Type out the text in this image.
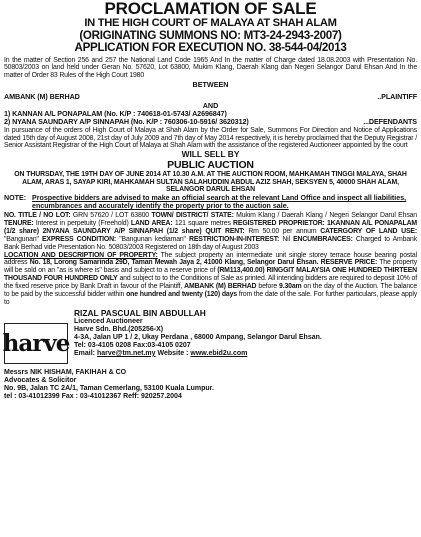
PROCLAMATION OF SALE
IN THE HIGH COURT OF MALAYA AT SHAH ALAM
(ORIGINATING SUMMONS NO: MT3-24-2943-2007)
APPLICATION FOR EXECUTION NO. 38-544-04/2013

In the matter of Section 256 and 257 the National Land Code 1965 And In the matter of Charge dated 18.08.2003 with Presentation No. 50803/2003 on land held under Geran No. 57620, Lot 63800, Mukim Klang, Daerah Klang dan Negeri Selangor Darul Ehsan And In the matter of Order 83 Rules of the High Court 1980

BETWEEN
AMBANK (M) BERHAD	..PLAINTIFF
AND
1) KANNAN A/L PONAPALAM (No. K/P : 740618-01-5743/ A2696847)
2) NYANA SAUNDARY A/P SINNAPAH (No. K/P : 760306-10-5916/ 3620312)	...DEFENDANTS

In pursuance of the orders of High Court of Malaya at Shah Alam by the Order for Sale, Summons For Direction and Notice of Applications dated 15th day of August 2008, 21st day of July 2009 and 7th day of May 2014 respectively, it is hereby proclaimed that the Deputy Registrar / Senior Assistant Registrar of the High Court of Malaya at Shah Alam with the assistance of the registered Auctioneer appointed by the court

WILL SELL BY
PUBLIC AUCTION
ON THURSDAY, THE 19TH DAY OF JUNE 2014 AT 10.30 A.M. AT THE AUCTION ROOM, MAHKAMAH TINGGI MALAYA, SHAH ALAM, ARAS 1, SAYAP KIRI, MAHKAMAH SULTAN SALAHUDDIN ABDUL AZIZ SHAH, SEKSYEN 5, 40000 SHAH ALAM, SELANGOR DARUL EHSAN
NOTE: Prospective bidders are advised to make an official search at the relevant Land Office and inspect all liabilities, encumbrances and accurately identify the property prior to the auction sale.

NO. TITLE / NO LOT: GRN 57620 / LOT 63800 TOWN/ DISTRICT/ STATE: Mukim Klang / Daerah Klang / Negeri Selangor Darul Ehsan TENURE: Interest in perpetuity (Freehold) LAND AREA: 121 square metres REGISTERED PROPRIETOR: 1KANNAN A/L PONAPALAM (1/2 share) 2NYANA SAUNDARY A/P SINNAPAH (1/2 share) QUIT RENT: Rm 50.00 per annum CATERGORY OF LAND USE: "Bangunan" EXPRESS CONDITION: "Bangunan kediaman" RESTRICTION-IN-INTEREST: Nil ENCUMBRANCES: Charged to Ambank Bank Berhad vide Presentation No. 50803/2003 Registered on 18th day of August 2003

LOCATION AND DESCRIPTION OF PROPERTY: The subject property an intermediate unit single storey terrace house bearing postal address No. 18, Lorong Samarinda 29D, Taman Mewah Jaya 2, 41000 Klang, Selangor Darul Ehsan. RESERVE PRICE: The property will be sold on an "as is where is" basis and subject to a reserve price of (RM113,400.00) RINGGIT MALAYSIA ONE HUNDRED THIRTEEN THOUSAND FOUR HUNDRED ONLY and subject to to the Conditions of Sale as printed. All intending bidders are required to deposit 10% of the fixed reserve price by Bank Draft in favour of the Plaintiff, AMBANK (M) BERHAD before 9.30am on the day of the Auction. The balance to be paid by the successful bidder within one hundred and twenty (120) days from the date of the sale. For further particulars, please apply to

harve
RIZAL PASCUAL BIN ABDULLAH
Licenced Auctioneer
Harve Sdn. Bhd.(205256-X)
4-3A, Jalan UP 1 / 2, Ukay Perdana , 68000 Ampang, Selangor Darul Ehsan.
Tel: 03-4105 0208 Fax:03-4105 0207
Email: harve@tm.net.my Website : www.ebid2u.com
Messrs NIK HISHAM, FAKIHAH & CO
Advocates & Solicitor
No. 9B, Jalan TC 2A/1, Taman Cemerlang, 53100 Kuala Lumpur.
tel : 03-41012399 Fax : 03-41012367 Reff: 920257.2004
